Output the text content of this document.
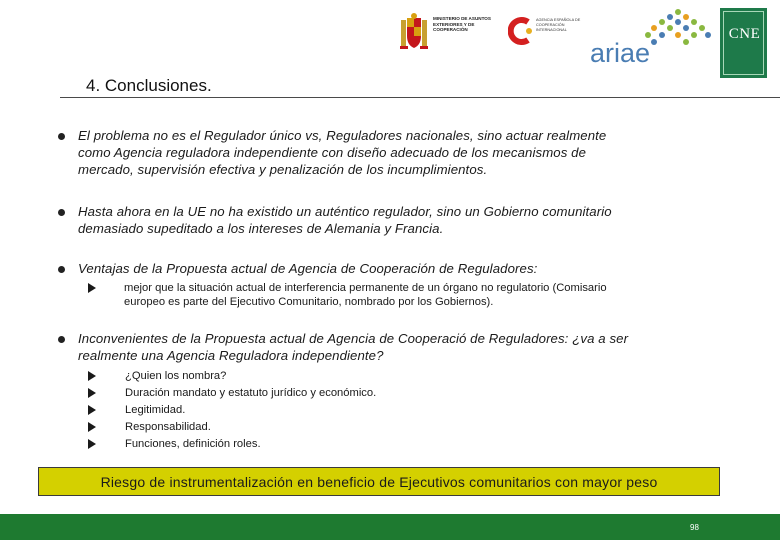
MINISTERIO DE ASUNTOS EXTERIORES Y DE COOPERACIÓN
AGENCIA ESPAÑOLA DE COOPERACIÓN INTERNACIONAL
ariae
CNE
4. Conclusiones.
El problema no es el Regulador único vs, Reguladores nacionales, sino actuar realmente
como Agencia reguladora independiente con diseño adecuado de los mecanismos de
mercado, supervisión efectiva y penalización de los incumplimientos.
Hasta ahora en la UE no ha existido un auténtico regulador, sino un Gobierno comunitario
demasiado supeditado a los intereses de Alemania y Francia.
Ventajas de la Propuesta actual de Agencia de Cooperación de Reguladores:
mejor que la situación actual de interferencia permanente de un órgano no regulatorio (Comisario
europeo es parte del Ejecutivo Comunitario, nombrado por los Gobiernos).
Inconvenientes de la Propuesta actual de Agencia de Cooperació de Reguladores: ¿va a ser
realmente una Agencia Reguladora independiente?
¿Quien los nombra?
Duración mandato y estatuto jurídico y económico.
Legitimidad.
Responsabilidad.
Funciones, definición roles.
Riesgo de instrumentalización en beneficio de Ejecutivos comunitarios con mayor peso
98
